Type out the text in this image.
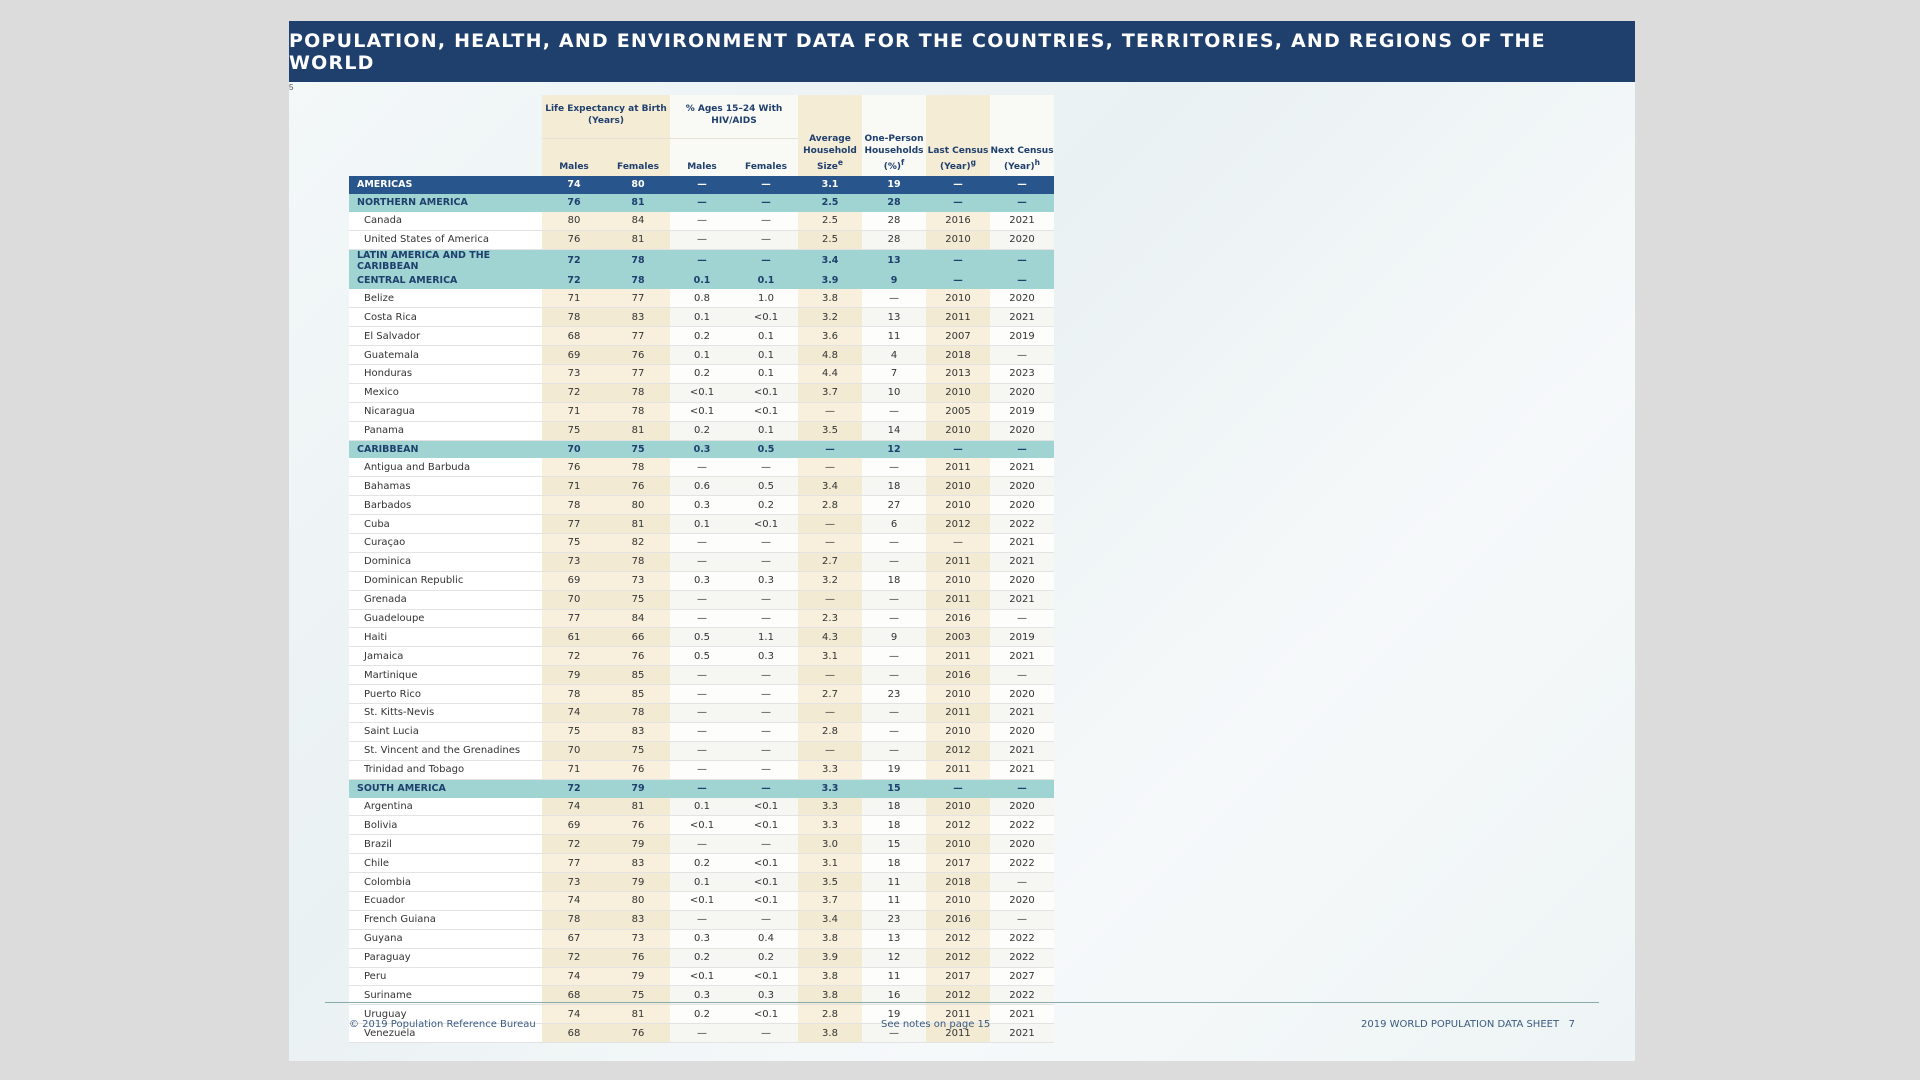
POPULATION, HEALTH, AND ENVIRONMENT DATA FOR THE COUNTRIES, TERRITORIES, AND REGIONS OF THE WORLD
5
	Life Expectancy at Birth (Years)		% Ages 15–24 With HIV/AIDS		Average Household Size$^e$	One-Person Households (%)$^f$	Last Census (Year)$^g$	Next Census (Year)$^h$
	Males	Females	Males	Females				
AMERICAS	74	80	—	—	3.1	19	—	—
NORTHERN AMERICA	76	81	—	—	2.5	28	—	—
Canada	80	84	—	—	2.5	28	2016	2021
United States of America	76	81	—	—	2.5	28	2010	2020
LATIN AMERICA AND THE CARIBBEAN	72	78	—	—	3.4	13	—	—
CENTRAL AMERICA	72	78	0.1	0.1	3.9	9	—	—
Belize	71	77	0.8	1.0	3.8	—	2010	2020
Costa Rica	78	83	0.1	<0.1	3.2	13	2011	2021
El Salvador	68	77	0.2	0.1	3.6	11	2007	2019
Guatemala	69	76	0.1	0.1	4.8	4	2018	—
Honduras	73	77	0.2	0.1	4.4	7	2013	2023
Mexico	72	78	<0.1	<0.1	3.7	10	2010	2020
Nicaragua	71	78	<0.1	<0.1	—	—	2005	2019
Panama	75	81	0.2	0.1	3.5	14	2010	2020
CARIBBEAN	70	75	0.3	0.5	—	12	—	—
Antigua and Barbuda	76	78	—	—	—	—	2011	2021
Bahamas	71	76	0.6	0.5	3.4	18	2010	2020
Barbados	78	80	0.3	0.2	2.8	27	2010	2020
Cuba	77	81	0.1	<0.1	—	6	2012	2022
Curaçao	75	82	—	—	—	—	—	2021
Dominica	73	78	—	—	2.7	—	2011	2021
Dominican Republic	69	73	0.3	0.3	3.2	18	2010	2020
Grenada	70	75	—	—	—	—	2011	2021
Guadeloupe	77	84	—	—	2.3	—	2016	—
Haiti	61	66	0.5	1.1	4.3	9	2003	2019
Jamaica	72	76	0.5	0.3	3.1	—	2011	2021
Martinique	79	85	—	—	—	—	2016	—
Puerto Rico	78	85	—	—	2.7	23	2010	2020
St. Kitts-Nevis	74	78	—	—	—	—	2011	2021
Saint Lucia	75	83	—	—	2.8	—	2010	2020
St. Vincent and the Grenadines	70	75	—	—	—	—	2012	2021
Trinidad and Tobago	71	76	—	—	3.3	19	2011	2021
SOUTH AMERICA	72	79	—	—	3.3	15	—	—
Argentina	74	81	0.1	<0.1	3.3	18	2010	2020
Bolivia	69	76	<0.1	<0.1	3.3	18	2012	2022
Brazil	72	79	—	—	3.0	15	2010	2020
Chile	77	83	0.2	<0.1	3.1	18	2017	2022
Colombia	73	79	0.1	<0.1	3.5	11	2018	—
Ecuador	74	80	<0.1	<0.1	3.7	11	2010	2020
French Guiana	78	83	—	—	3.4	23	2016	—
Guyana	67	73	0.3	0.4	3.8	13	2012	2022
Paraguay	72	76	0.2	0.2	3.9	12	2012	2022
Peru	74	79	<0.1	<0.1	3.8	11	2017	2027
Suriname	68	75	0.3	0.3	3.8	16	2012	2022
Uruguay	74	81	0.2	<0.1	2.8	19	2011	2021
Venezuela	68	76	—	—	3.8	—	2011	2021
© 2019 Population Reference Bureau	See notes on page 15	2019 WORLD POPULATION DATA SHEET 7
